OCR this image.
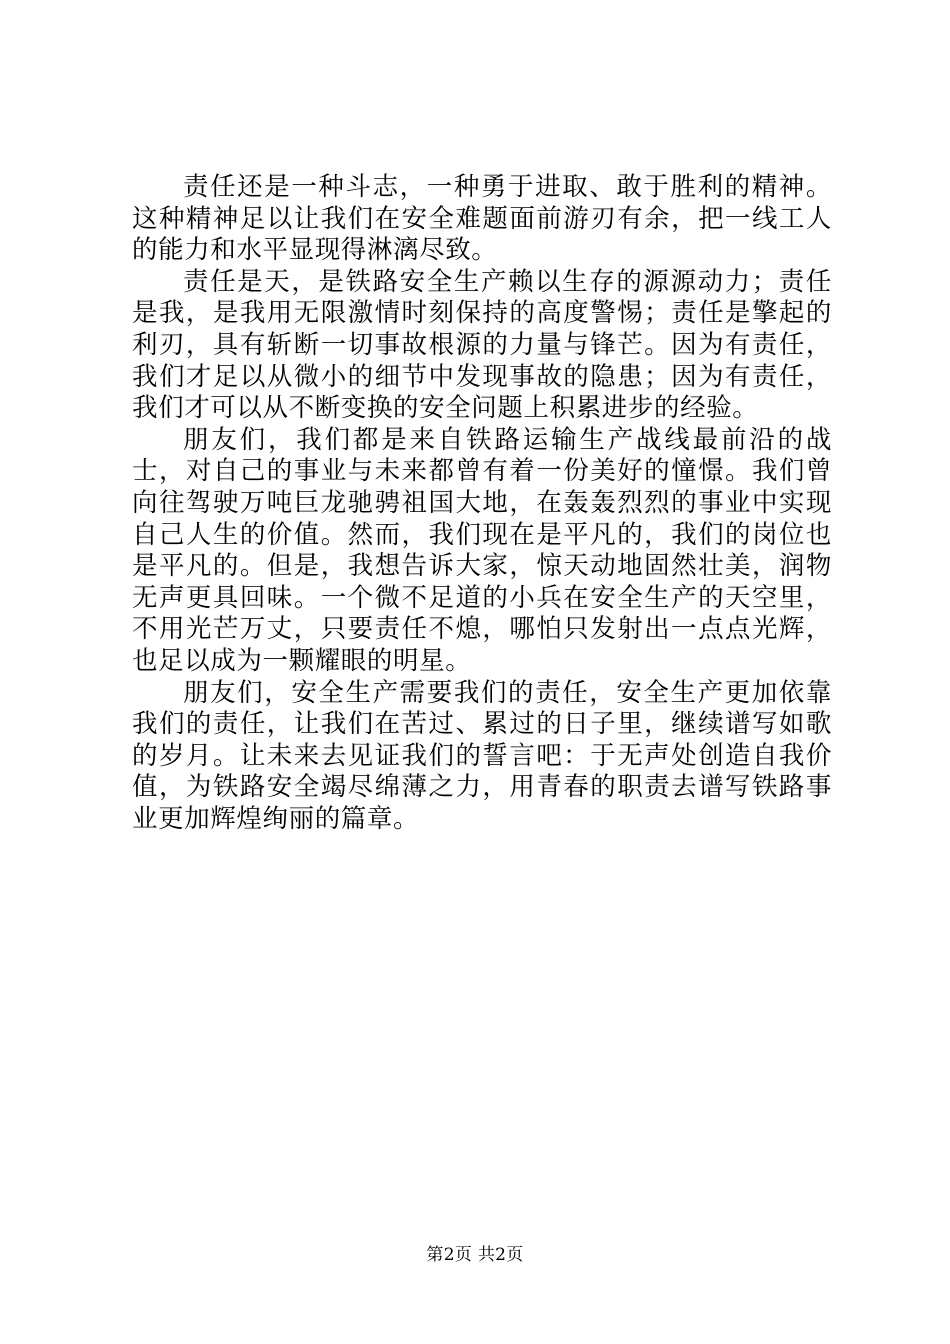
责任还是一种斗志，一种勇于进取、敢于胜利的精神。这种精神足以让我们在安全难题面前游刃有余，把一线工人的能力和水平显现得淋漓尽致。

责任是天，是铁路安全生产赖以生存的源源动力；责任是我，是我用无限激情时刻保持的高度警惕；责任是擎起的利刃，具有斩断一切事故根源的力量与锋芒。因为有责任，我们才足以从微小的细节中发现事故的隐患；因为有责任，我们才可以从不断变换的安全问题上积累进步的经验。

朋友们，我们都是来自铁路运输生产战线最前沿的战士，对自己的事业与未来都曾有着一份美好的憧憬。我们曾向往驾驶万吨巨龙驰骋祖国大地，在轰轰烈烈的事业中实现自己人生的价值。然而，我们现在是平凡的，我们的岗位也是平凡的。但是，我想告诉大家，惊天动地固然壮美，润物无声更具回味。一个微不足道的小兵在安全生产的天空里，不用光芒万丈，只要责任不熄，哪怕只发射出一点点光辉，也足以成为一颗耀眼的明星。

朋友们，安全生产需要我们的责任，安全生产更加依靠我们的责任，让我们在苦过、累过的日子里，继续谱写如歌的岁月。让未来去见证我们的誓言吧：于无声处创造自我价值，为铁路安全竭尽绵薄之力，用青春的职责去谱写铁路事业更加辉煌绚丽的篇章。

第2页 共2页
